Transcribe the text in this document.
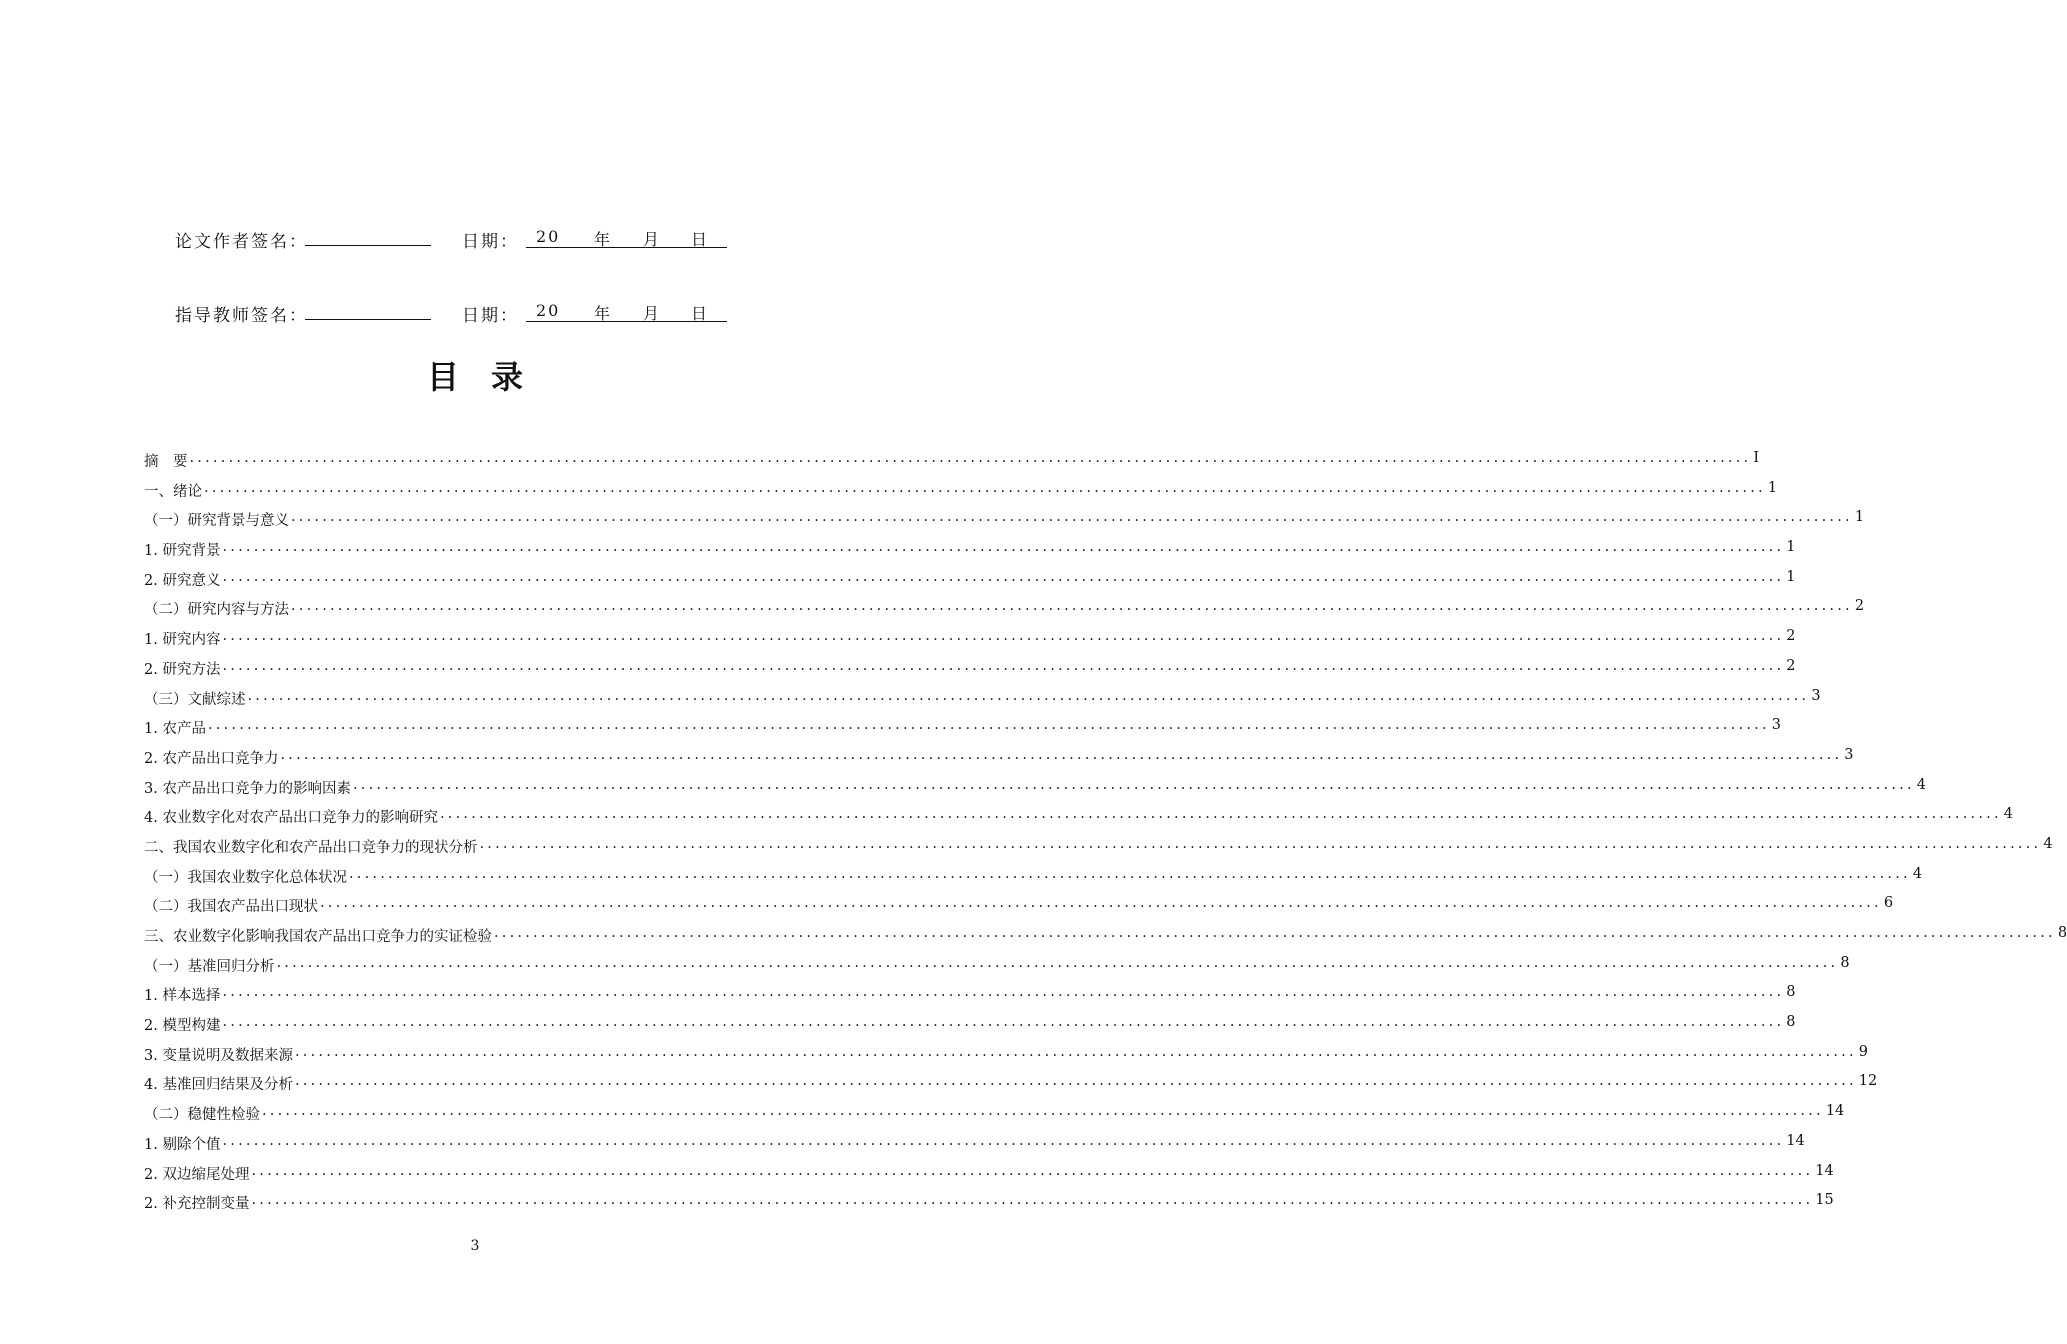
论文作者签名：	日期： 20 年 月 日
指导教师签名：	日期： 20 年 月 日
目录
摘　要 ........................................................................................................................................................................................................ I
一、绪论 ........................................................................................................................................................................................................ 1
（一）研究背景与意义 ........................................................................................................................................................................................................ 1
1. 研究背景 ........................................................................................................................................................................................................ 1
2. 研究意义 ........................................................................................................................................................................................................ 1
（二）研究内容与方法 ........................................................................................................................................................................................................ 2
1. 研究内容 ........................................................................................................................................................................................................ 2
2. 研究方法 ........................................................................................................................................................................................................ 2
（三）文献综述 ........................................................................................................................................................................................................ 3
1. 农产品 ........................................................................................................................................................................................................ 3
2. 农产品出口竞争力 ........................................................................................................................................................................................................ 3
3. 农产品出口竞争力的影响因素 ........................................................................................................................................................................................................ 4
4. 农业数字化对农产品出口竞争力的影响研究 ........................................................................................................................................................................................................ 4
二、我国农业数字化和农产品出口竞争力的现状分析 ........................................................................................................................................................................................................ 4
（一）我国农业数字化总体状况 ........................................................................................................................................................................................................ 4
（二）我国农产品出口现状 ........................................................................................................................................................................................................ 6
三、农业数字化影响我国农产品出口竞争力的实证检验 ........................................................................................................................................................................................................ 8
（一）基准回归分析 ........................................................................................................................................................................................................ 8
1. 样本选择 ........................................................................................................................................................................................................ 8
2. 模型构建 ........................................................................................................................................................................................................ 8
3. 变量说明及数据来源 ........................................................................................................................................................................................................ 9
4. 基准回归结果及分析 ........................................................................................................................................................................................................ 12
（二）稳健性检验 ........................................................................................................................................................................................................ 14
1. 剔除个值 ........................................................................................................................................................................................................ 14
2. 双边缩尾处理 ........................................................................................................................................................................................................ 14
2. 补充控制变量 ........................................................................................................................................................................................................ 15
3
